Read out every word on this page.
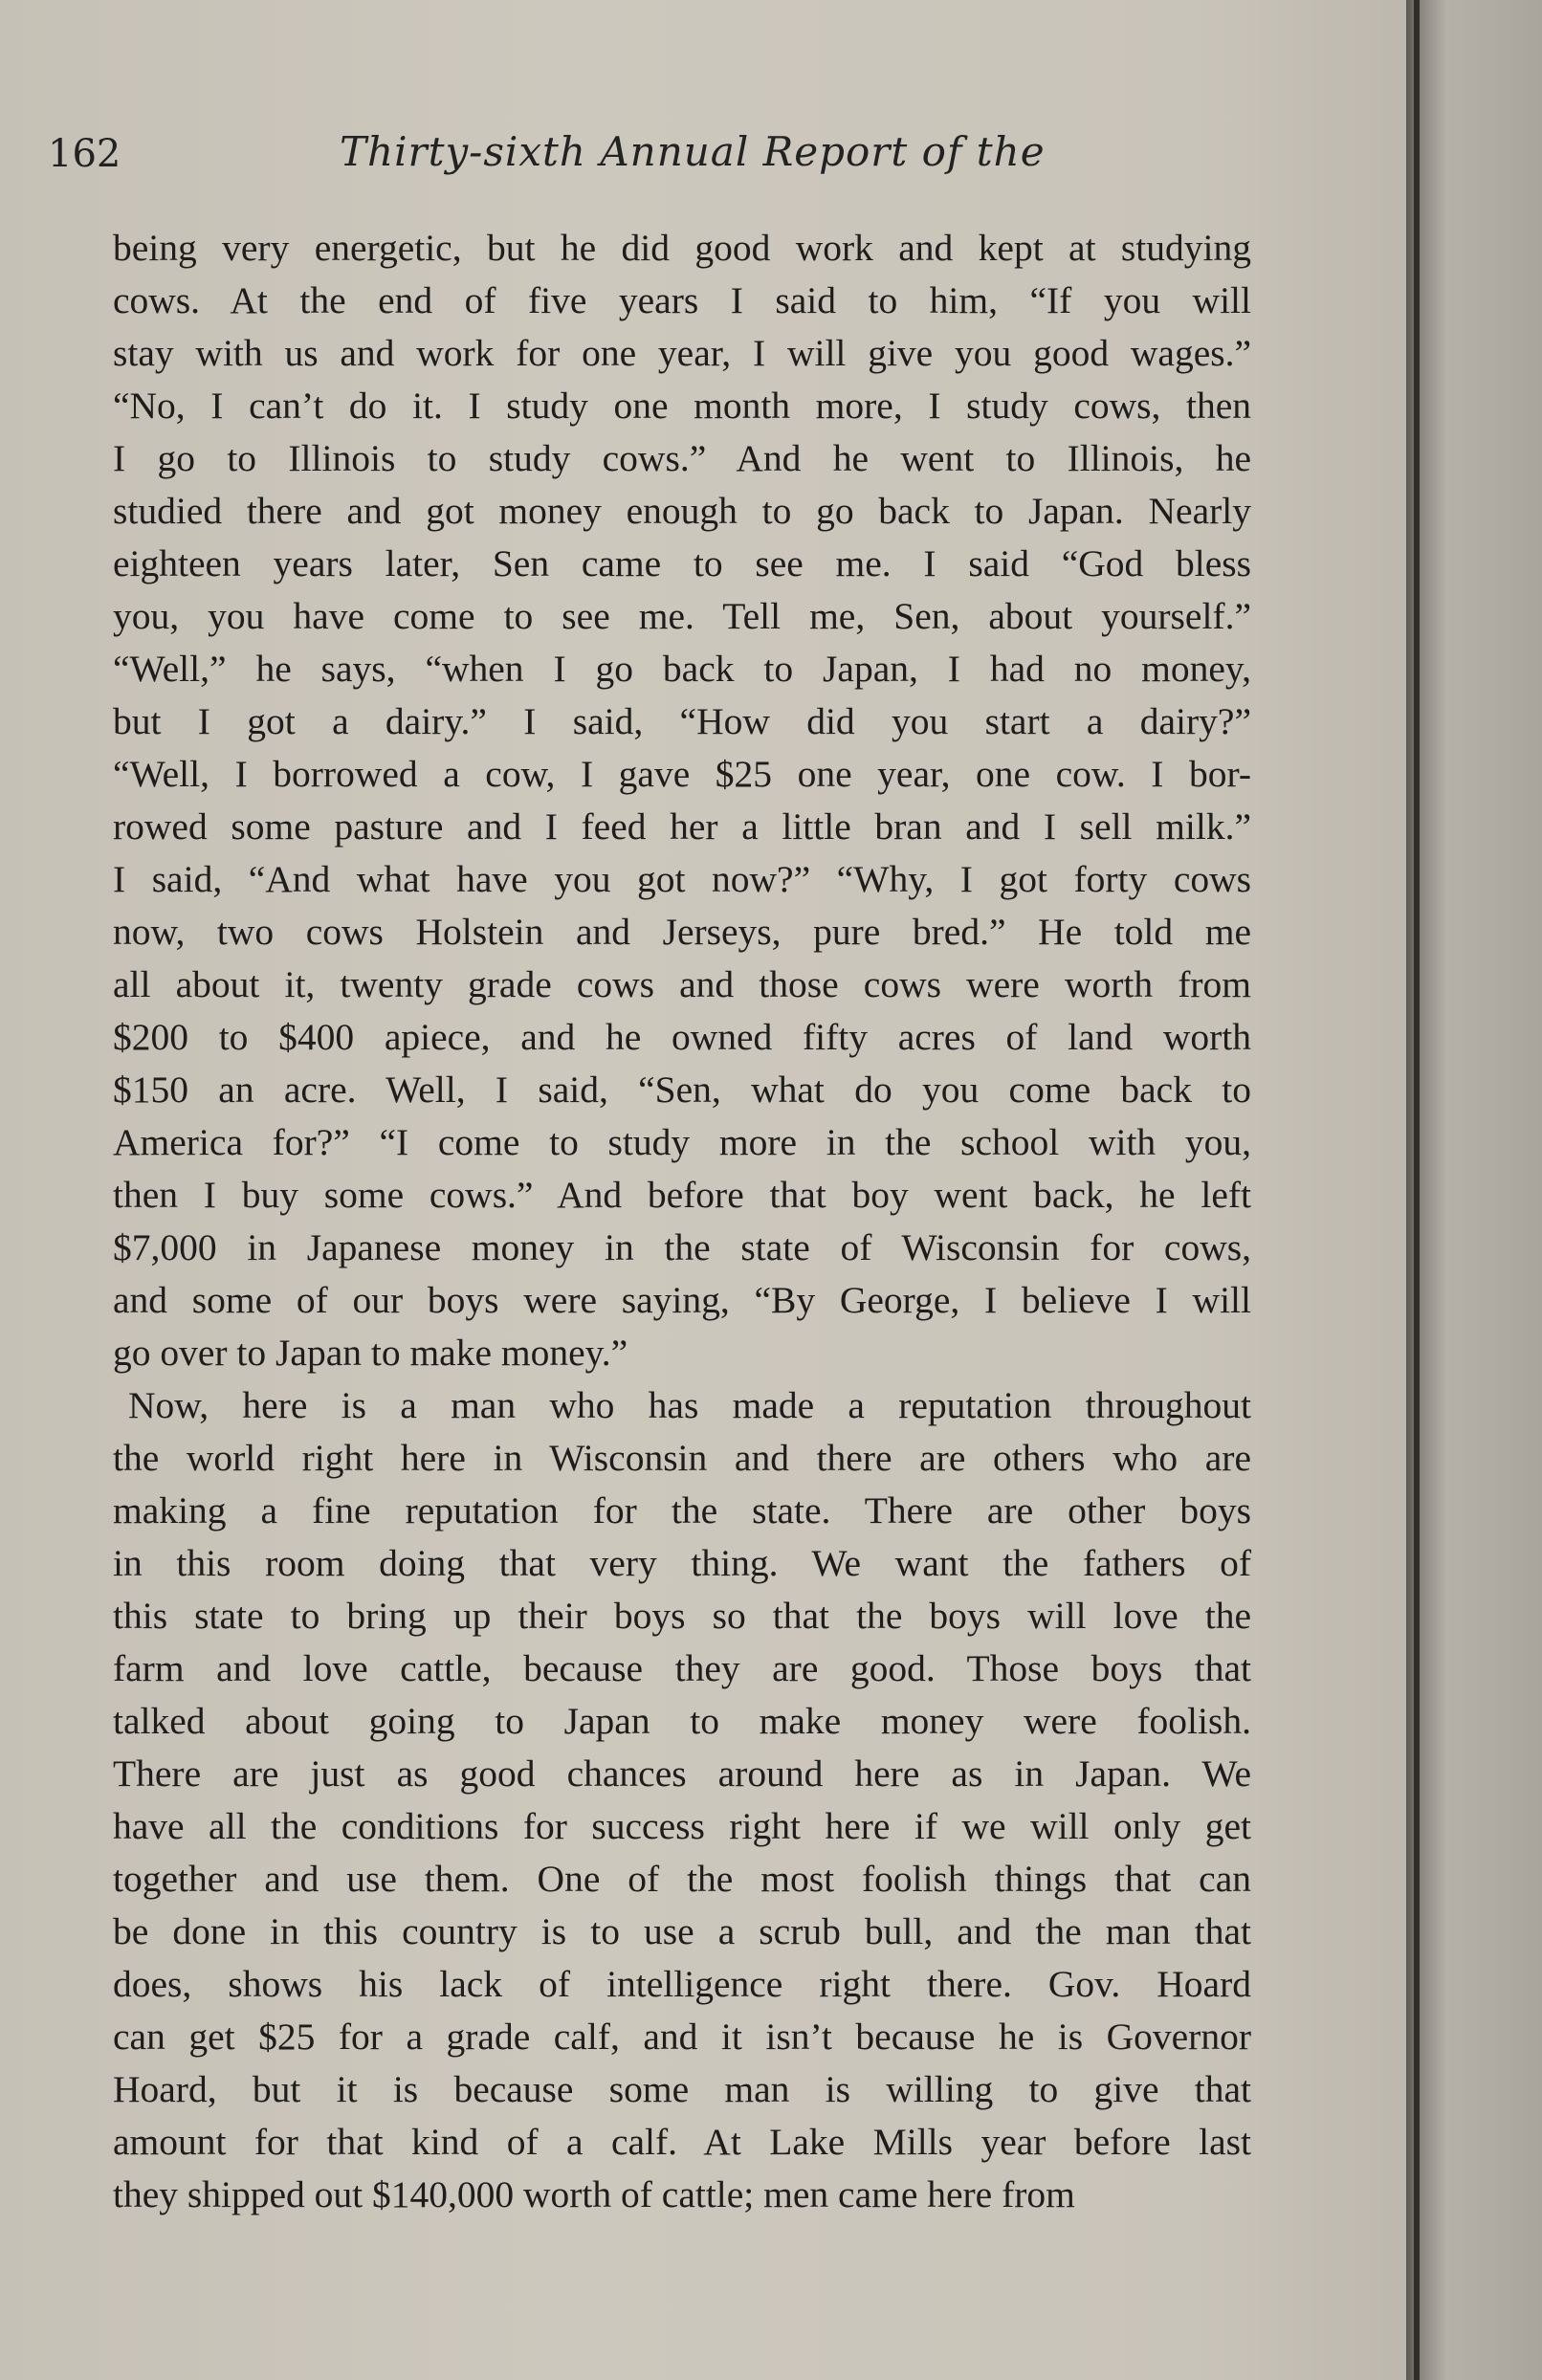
162	Thirty-sixth Annual Report of the
being very energetic, but he did good work and kept at studying
cows. At the end of five years I said to him, “If you will
stay with us and work for one year, I will give you good wages.”
“No, I can’t do it. I study one month more, I study cows, then
I go to Illinois to study cows.” And he went to Illinois, he
studied there and got money enough to go back to Japan. Nearly
eighteen years later, Sen came to see me. I said “God bless
you, you have come to see me. Tell me, Sen, about yourself.”
“Well,” he says, “when I go back to Japan, I had no money,
but I got a dairy.” I said, “How did you start a dairy?”
“Well, I borrowed a cow, I gave $25 one year, one cow. I bor-
rowed some pasture and I feed her a little bran and I sell milk.”
I said, “And what have you got now?” “Why, I got forty cows
now, two cows Holstein and Jerseys, pure bred.” He told me
all about it, twenty grade cows and those cows were worth from
$200 to $400 apiece, and he owned fifty acres of land worth
$150 an acre. Well, I said, “Sen, what do you come back to
America for?” “I come to study more in the school with you,
then I buy some cows.” And before that boy went back, he left
$7,000 in Japanese money in the state of Wisconsin for cows,
and some of our boys were saying, “By George, I believe I will
go over to Japan to make money.”
Now, here is a man who has made a reputation throughout
the world right here in Wisconsin and there are others who are
making a fine reputation for the state. There are other boys
in this room doing that very thing. We want the fathers of
this state to bring up their boys so that the boys will love the
farm and love cattle, because they are good. Those boys that
talked about going to Japan to make money were foolish.
There are just as good chances around here as in Japan. We
have all the conditions for success right here if we will only get
together and use them. One of the most foolish things that can
be done in this country is to use a scrub bull, and the man that
does, shows his lack of intelligence right there. Gov. Hoard
can get $25 for a grade calf, and it isn’t because he is Governor
Hoard, but it is because some man is willing to give that
amount for that kind of a calf. At Lake Mills year before last
they shipped out $140,000 worth of cattle; men came here from
